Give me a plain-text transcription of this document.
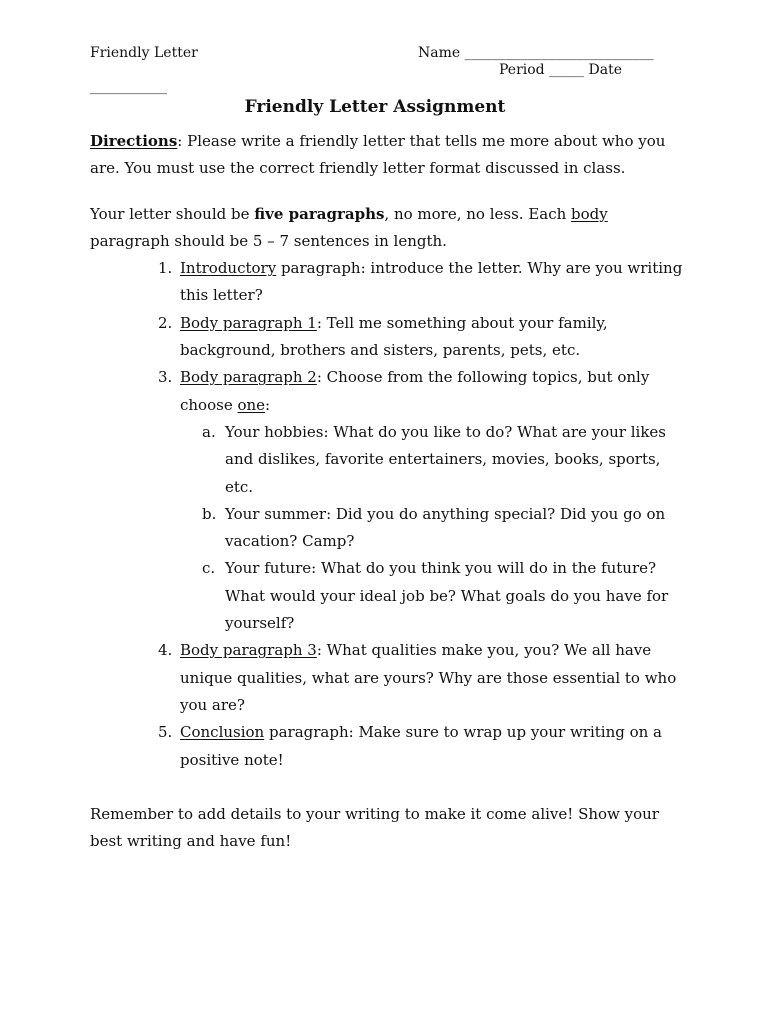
Friendly Letter	Name ___________________________
Period _____ Date
___________
Friendly Letter Assignment

Directions: Please write a friendly letter that tells me more about who you are. You must use the correct friendly letter format discussed in class.

Your letter should be five paragraphs, no more, no less. Each body paragraph should be 5 – 7 sentences in length.

1. Introductory paragraph: introduce the letter. Why are you writing this letter?
2. Body paragraph 1: Tell me something about your family, background, brothers and sisters, parents, pets, etc.
3. Body paragraph 2: Choose from the following topics, but only choose one:
a. Your hobbies: What do you like to do? What are your likes and dislikes, favorite entertainers, movies, books, sports, etc.
b. Your summer: Did you do anything special? Did you go on vacation? Camp?
c. Your future: What do you think you will do in the future? What would your ideal job be? What goals do you have for yourself?
4. Body paragraph 3: What qualities make you, you? We all have unique qualities, what are yours? Why are those essential to who you are?
5. Conclusion paragraph: Make sure to wrap up your writing on a positive note!

Remember to add details to your writing to make it come alive! Show your best writing and have fun!
